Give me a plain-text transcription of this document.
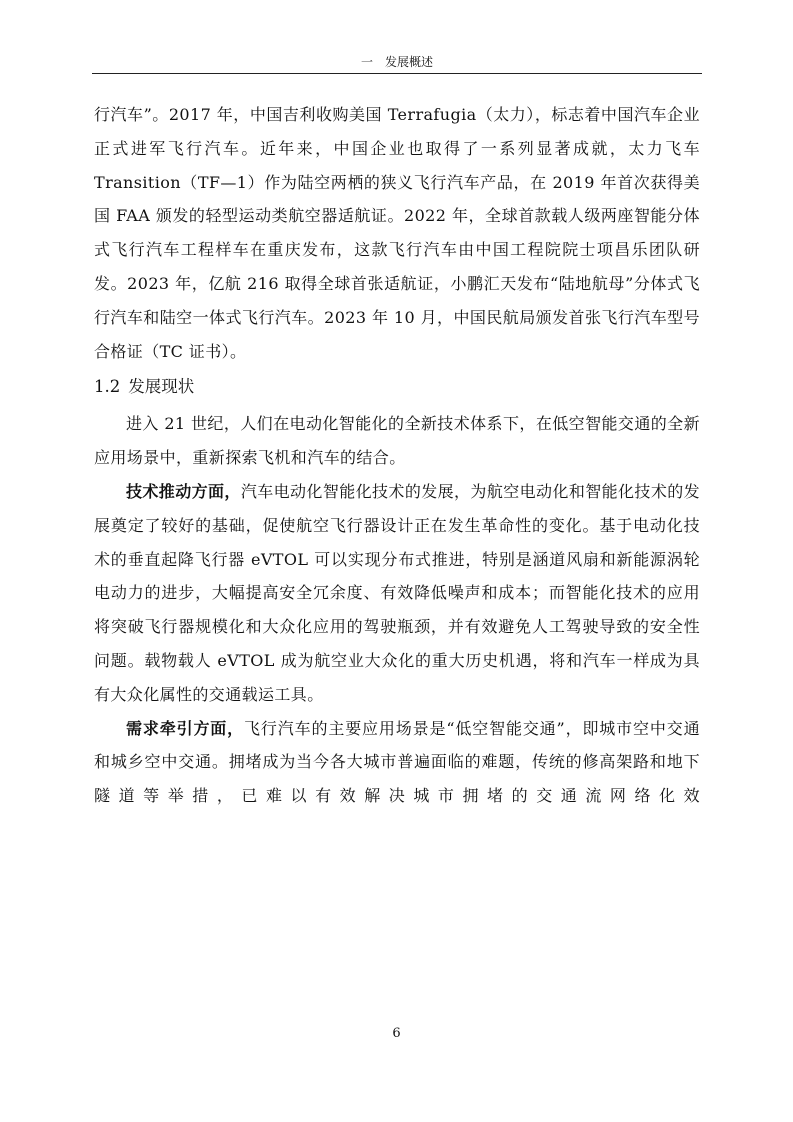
一　发展概述

行汽车”。2017 年，中国吉利收购美国 Terrafugia（太力），标志着中国汽车企业正式进军飞行汽车。近年来，中国企业也取得了一系列显著成就，太力飞车 Transition（TF—1）作为陆空两栖的狭义飞行汽车产品，在 2019 年首次获得美国 FAA 颁发的轻型运动类航空器适航证。2022 年，全球首款载人级两座智能分体式飞行汽车工程样车在重庆发布，这款飞行汽车由中国工程院院士项昌乐团队研发。2023 年，亿航 216 取得全球首张适航证，小鹏汇天发布“陆地航母”分体式飞行汽车和陆空一体式飞行汽车。2023 年 10 月，中国民航局颁发首张飞行汽车型号合格证（TC 证书）。

1.2 发展现状

进入 21 世纪，人们在电动化智能化的全新技术体系下，在低空智能交通的全新应用场景中，重新探索飞机和汽车的结合。

技术推动方面，汽车电动化智能化技术的发展，为航空电动化和智能化技术的发展奠定了较好的基础，促使航空飞行器设计正在发生革命性的变化。基于电动化技术的垂直起降飞行器 eVTOL 可以实现分布式推进，特别是涵道风扇和新能源涡轮电动力的进步，大幅提高安全冗余度、有效降低噪声和成本；而智能化技术的应用将突破飞行器规模化和大众化应用的驾驶瓶颈，并有效避免人工驾驶导致的安全性问题。载物载人 eVTOL 成为航空业大众化的重大历史机遇，将和汽车一样成为具有大众化属性的交通载运工具。

需求牵引方面，飞行汽车的主要应用场景是“低空智能交通”，即城市空中交通和城乡空中交通。拥堵成为当今各大城市普遍面临的难题，传统的修高架路和地下隧道等举措，已难以有效解决城市拥堵的交通流网络化效

6
